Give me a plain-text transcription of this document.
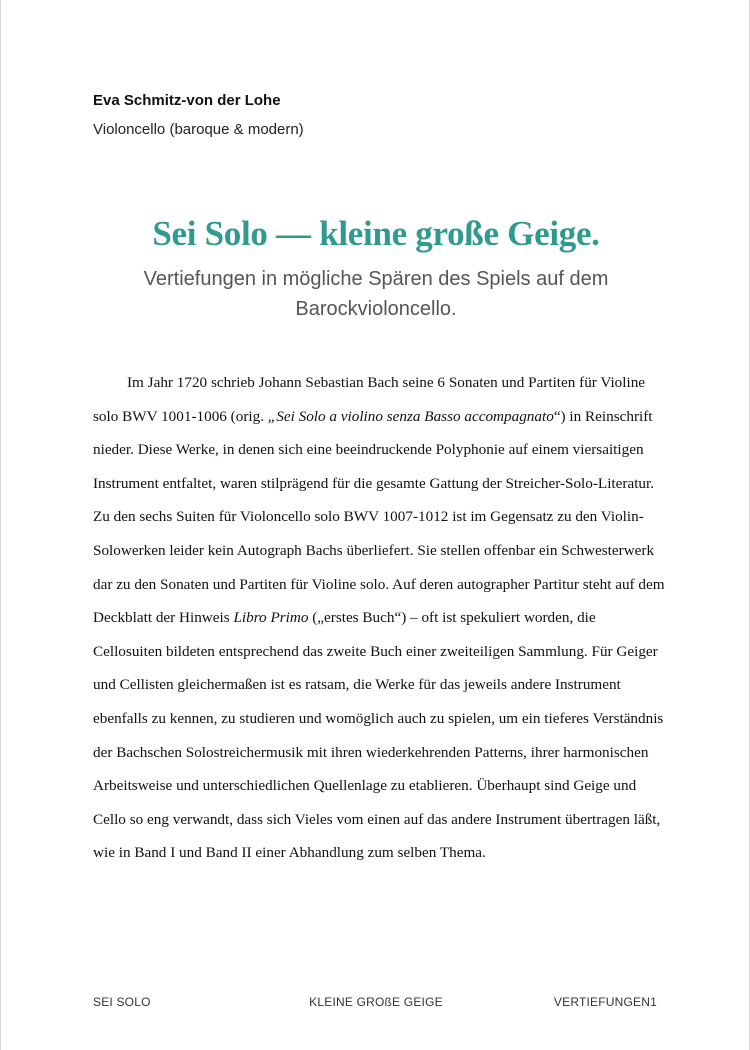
Eva Schmitz-von der Lohe

Violoncello (baroque & modern)

Sei Solo — kleine große Geige.

Vertiefungen in mögliche Spären des Spiels auf dem Barockvioloncello.

Im Jahr 1720 schrieb Johann Sebastian Bach seine 6 Sonaten und Partiten für Violine solo BWV 1001-1006 (orig. „Sei Solo a violino senza Basso accompagnato“) in Reinschrift nieder. Diese Werke, in denen sich eine beeindruckende Polyphonie auf einem viersaitigen Instrument entfaltet, waren stilprägend für die gesamte Gattung der Streicher-Solo-Literatur. Zu den sechs Suiten für Violoncello solo BWV 1007-1012 ist im Gegensatz zu den Violin-Solowerken leider kein Autograph Bachs überliefert. Sie stellen offenbar ein Schwesterwerk dar zu den Sonaten und Partiten für Violine solo. Auf deren autographer Partitur steht auf dem Deckblatt der Hinweis Libro Primo („erstes Buch“) – oft ist spekuliert worden, die Cellosuiten bildeten entsprechend das zweite Buch einer zweiteiligen Sammlung. Für Geiger und Cellisten gleichermaßen ist es ratsam, die Werke für das jeweils andere Instrument ebenfalls zu kennen, zu studieren und womöglich auch zu spielen, um ein tieferes Verständnis der Bachschen Solostreichermusik mit ihren wiederkehrenden Patterns, ihrer harmonischen Arbeitsweise und unterschiedlichen Quellenlage zu etablieren. Überhaupt sind Geige und Cello so eng verwandt, dass sich Vieles vom einen auf das andere Instrument übertragen läßt, wie in Band I und Band II einer Abhandlung zum selben Thema.

SEI SOLO	KLEINE GROßE GEIGE	VERTIEFUNGEN1
